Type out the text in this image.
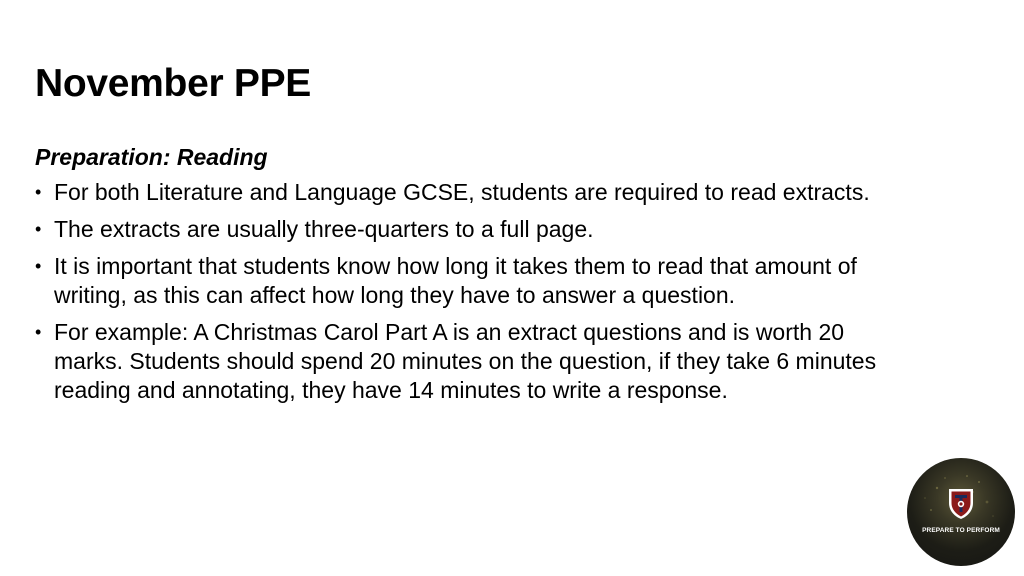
November PPE
Preparation: Reading
• For both Literature and Language GCSE, students are required to read extracts.
• The extracts are usually three-quarters to a full page.
• It is important that students know how long it takes them to read that amount of writing, as this can affect how long they have to answer a question.
• For example: A Christmas Carol Part A is an extract questions and is worth 20 marks. Students should spend 20 minutes on the question, if they take 6 minutes reading and annotating, they have 14 minutes to write a response.
PREPARE TO PERFORM
